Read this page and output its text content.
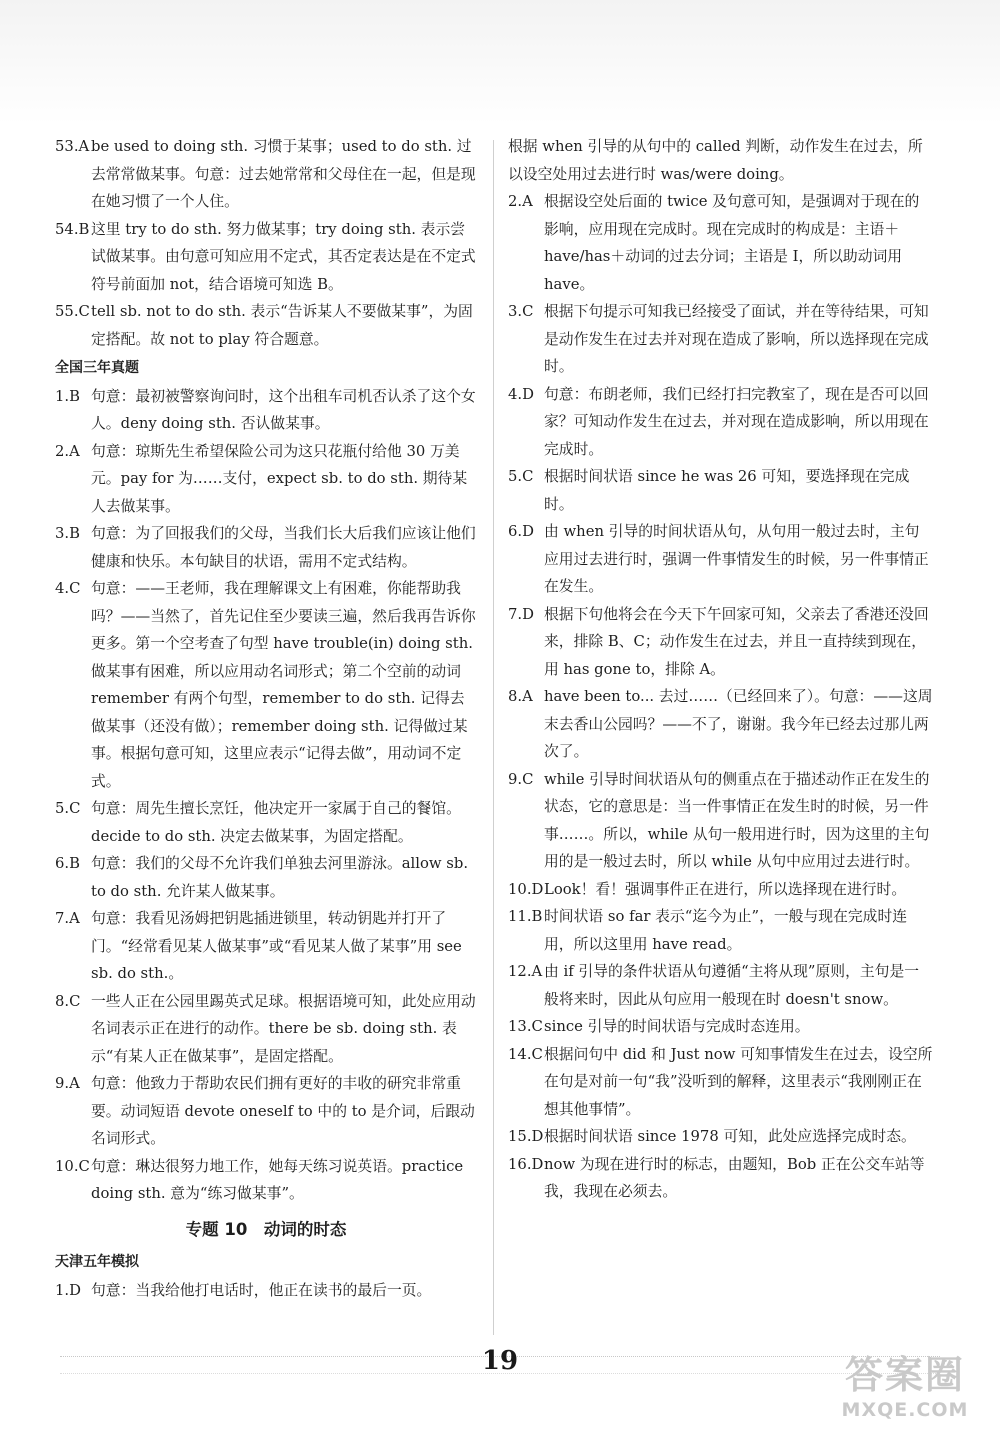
53.A be used to doing sth. 习惯于某事；used to do sth. 过去常常做某事。句意：过去她常常和父母住在一起，但是现在她习惯了一个人住。

54.B 这里 try to do sth. 努力做某事；try doing sth. 表示尝试做某事。由句意可知应用不定式，其否定表达是在不定式符号前面加 not，结合语境可知选 B。

55.Ctell sb. not to do sth. 表示“告诉某人不要做某事”，为固定搭配。故 not to play 符合题意。

全国三年真题

1.B 句意：最初被警察询问时，这个出租车司机否认杀了这个女人。deny doing sth. 否认做某事。

2.A 句意：琼斯先生希望保险公司为这只花瓶付给他 30 万美元。pay for 为……支付，expect sb. to do sth. 期待某人去做某事。

3.B 句意：为了回报我们的父母，当我们长大后我们应该让他们健康和快乐。本句缺目的状语，需用不定式结构。

4.C 句意：——王老师，我在理解课文上有困难，你能帮助我吗？——当然了，首先记住至少要读三遍，然后我再告诉你更多。第一个空考查了句型 have trouble(in) doing sth. 做某事有困难，所以应用动名词形式；第二个空前的动词 remember 有两个句型，remember to do sth. 记得去做某事（还没有做）；remember doing sth. 记得做过某事。根据句意可知，这里应表示“记得去做”，用动词不定式。

5.C 句意：周先生擅长烹饪，他决定开一家属于自己的餐馆。decide to do sth. 决定去做某事，为固定搭配。

6.B 句意：我们的父母不允许我们单独去河里游泳。allow sb. to do sth. 允许某人做某事。

7.A 句意：我看见汤姆把钥匙插进锁里，转动钥匙并打开了门。“经常看见某人做某事”或“看见某人做了某事”用 see sb. do sth.。

8.C 一些人正在公园里踢英式足球。根据语境可知，此处应用动名词表示正在进行的动作。there be sb. doing sth. 表示“有某人正在做某事”，是固定搭配。

9.A 句意：他致力于帮助农民们拥有更好的丰收的研究非常重要。动词短语 devote oneself to 中的 to 是介词，后跟动名词形式。

10.C句意：琳达很努力地工作，她每天练习说英语。practice doing sth. 意为“练习做某事”。

专题 10　动词的时态

天津五年模拟

1.D 句意：当我给他打电话时，他正在读书的最后一页。

根据 when 引导的从句中的 called 判断，动作发生在过去，所以设空处用过去进行时 was/were doing。

2.A 根据设空处后面的 twice 及句意可知，是强调对于现在的影响，应用现在完成时。现在完成时的构成是：主语＋have/has＋动词的过去分词；主语是 I，所以助动词用 have。

3.C 根据下句提示可知我已经接受了面试，并在等待结果，可知是动作发生在过去并对现在造成了影响，所以选择现在完成时。

4.D 句意：布朗老师，我们已经打扫完教室了，现在是否可以回家？可知动作发生在过去，并对现在造成影响，所以用现在完成时。

5.C 根据时间状语 since he was 26 可知，要选择现在完成时。

6.D 由 when 引导的时间状语从句，从句用一般过去时，主句应用过去进行时，强调一件事情发生的时候，另一件事情正在发生。

7.D 根据下句他将会在今天下午回家可知，父亲去了香港还没回来，排除 B、C；动作发生在过去，并且一直持续到现在，用 has gone to，排除 A。

8.A have been to... 去过……（已经回来了）。句意：——这周末去香山公园吗？——不了，谢谢。我今年已经去过那儿两次了。

9.C while 引导时间状语从句的侧重点在于描述动作正在发生的状态，它的意思是：当一件事情正在发生时的时候，另一件事……。所以，while 从句一般用进行时，因为这里的主句用的是一般过去时，所以 while 从句中应用过去进行时。

10.DLook！看！强调事件正在进行，所以选择现在进行时。

11.B 时间状语 so far 表示“迄今为止”，一般与现在完成时连用，所以这里用 have read。

12.A 由 if 引导的条件状语从句遵循“主将从现”原则，主句是一般将来时，因此从句应用一般现在时 doesn't snow。

13.Csince 引导的时间状语与完成时态连用。

14.C根据问句中 did 和 Just now 可知事情发生在过去，设空所在句是对前一句“我”没听到的解释，这里表示“我刚刚正在想其他事情”。

15.D根据时间状语 since 1978 可知，此处应选择完成时态。

16.Dnow 为现在进行时的标志，由题知，Bob 正在公交车站等我，我现在必须去。

19	答案圈
MXQE.COM
